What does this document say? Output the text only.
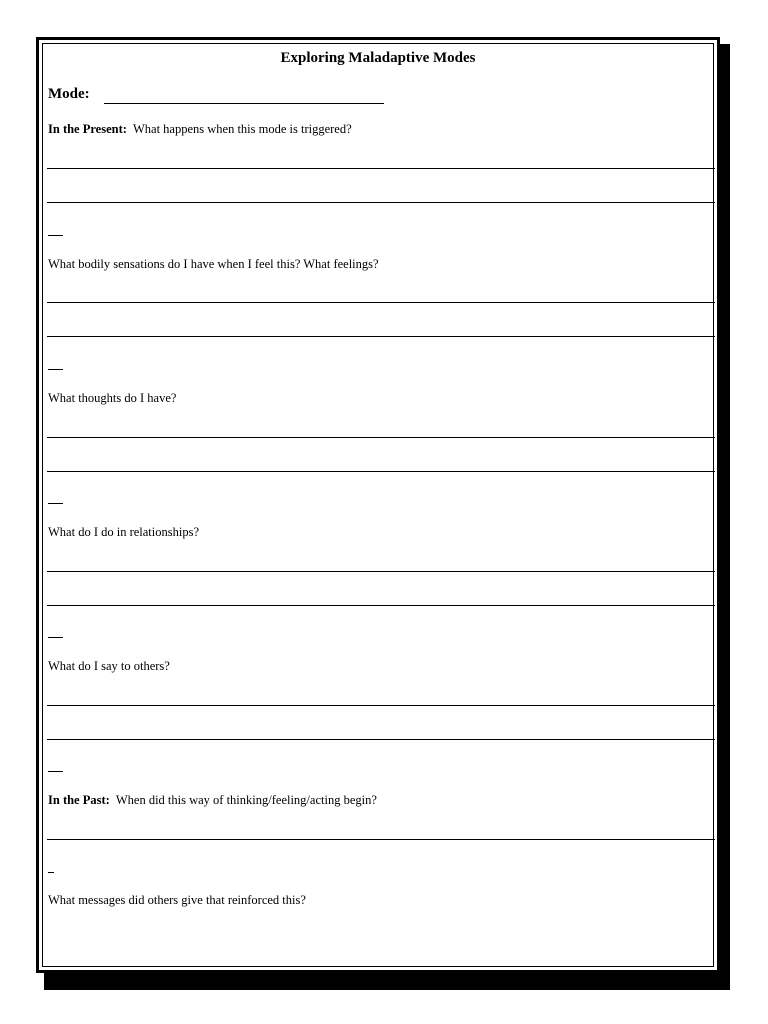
Exploring Maladaptive Modes
Mode:
In the Present: What happens when this mode is triggered?
What bodily sensations do I have when I feel this? What feelings?
What thoughts do I have?
What do I do in relationships?
What do I say to others?
In the Past: When did this way of thinking/feeling/acting begin?
What messages did others give that reinforced this?
